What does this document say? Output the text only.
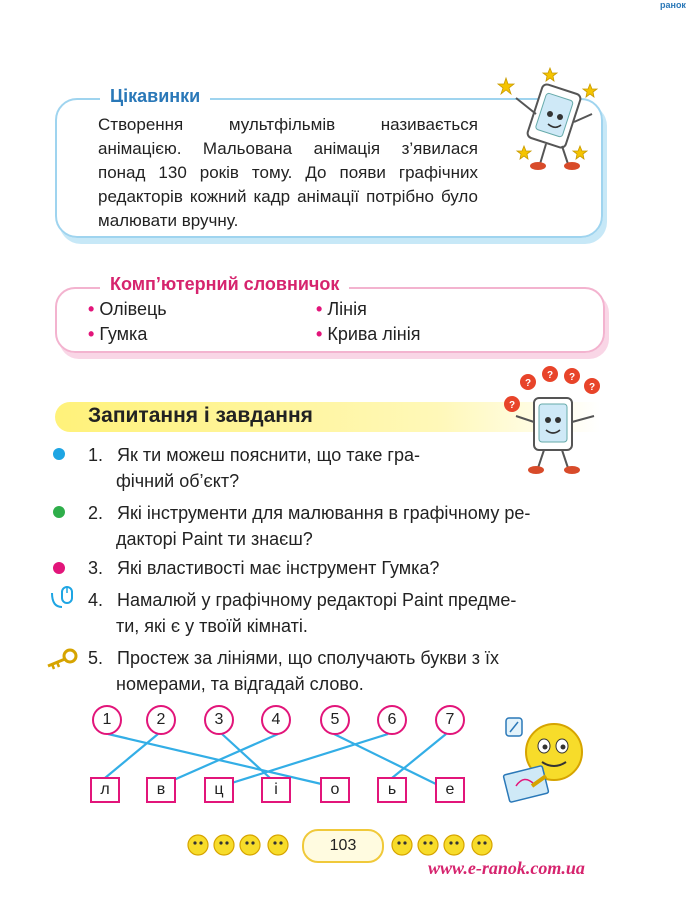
ранок
Цікавинки
Створення мультфільмів називається анімацією. Мальована анімація з’явилася понад 130 років тому. До появи графічних редакторів кожний кадр анімації потрібно було малювати вручну.
Комп’ютерний словничок
• Олівець	• Лінія
• Гумка	• Крива лінія
Запитання і завдання	?
?
? ?
?
1. Як ти можеш пояснити, що таке гра-
фічний об’єкт?
2. Які інструменти для малювання в графічному ре-
дакторі Paint ти знаєш?
3. Які властивості має інструмент Гумка?
4. Намалюй у графічному редакторі Paint предме-
ти, які є у твоїй кімнаті.
5. Простеж за лініями, що сполучають букви з їх
номерами, та відгадай слово.
1	2	3	4	5	6	7
л	в	ц	і	о	ь	е
103
www.e-ranok.com.ua
